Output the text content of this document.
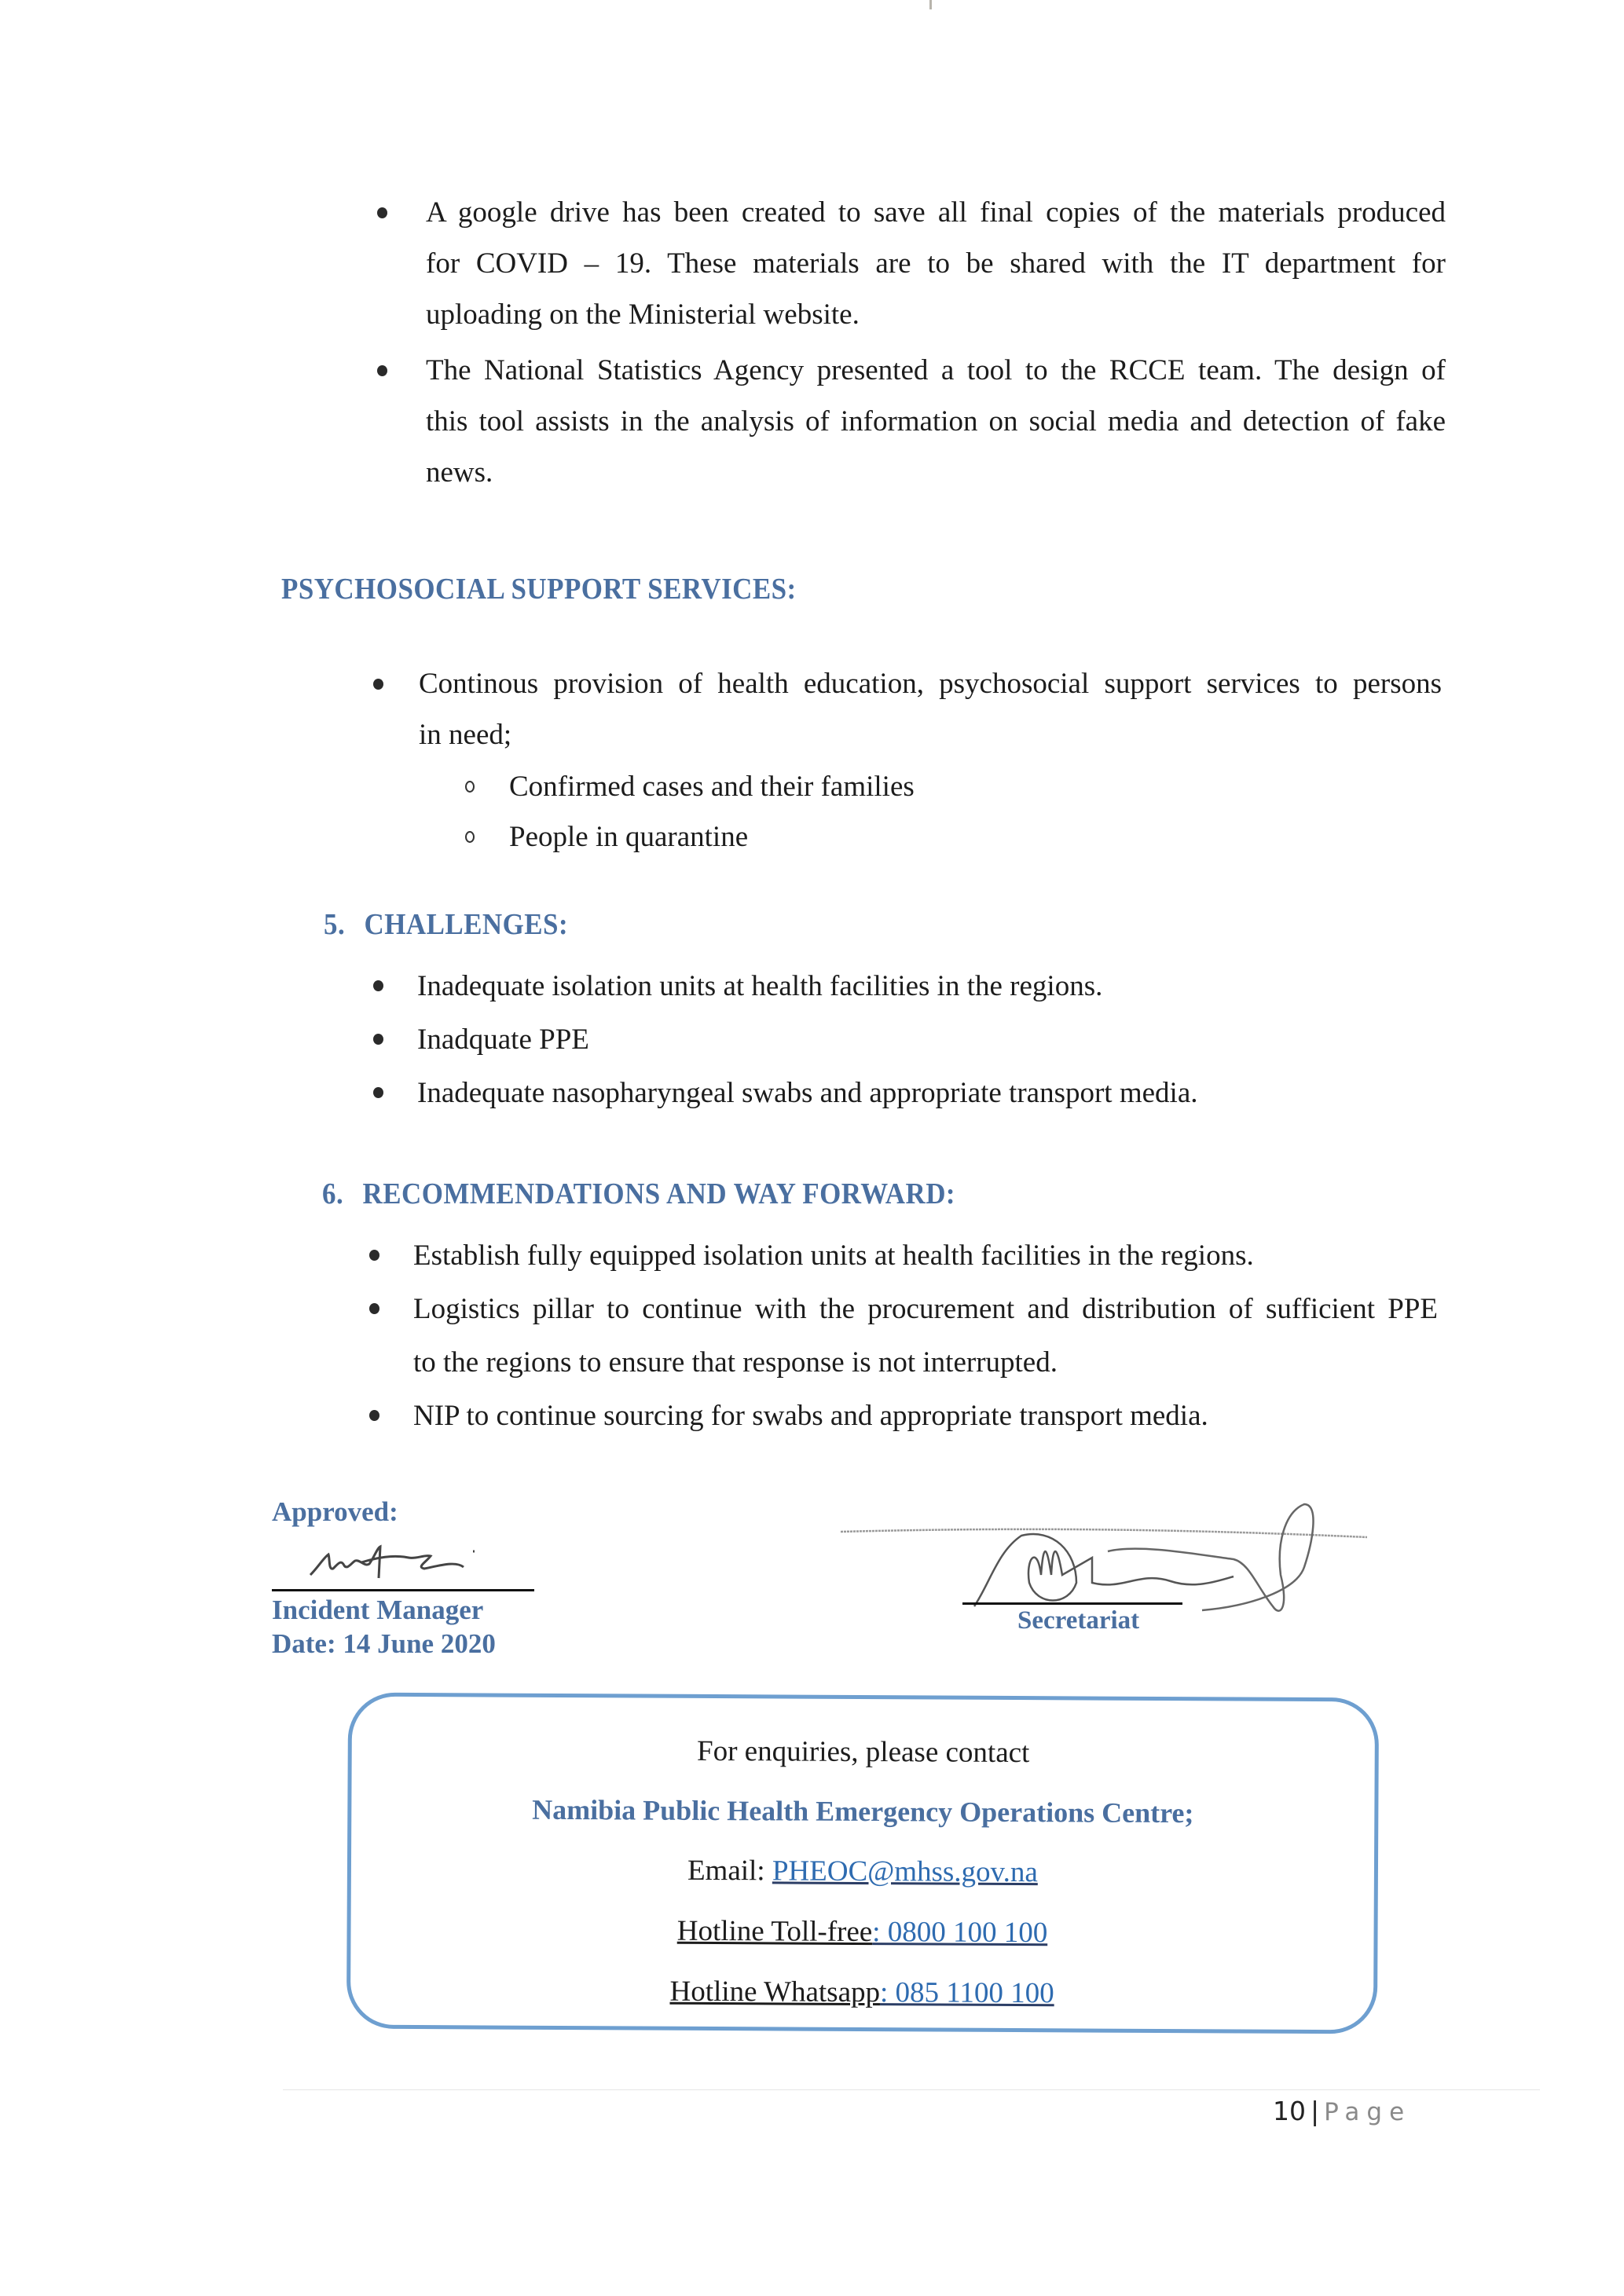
A google drive has been created to save all final copies of the materials produced
for COVID – 19. These materials are to be shared with the IT department for
uploading on the Ministerial website.
The National Statistics Agency presented a tool to the RCCE team. The design of
this tool assists in the analysis of information on social media and detection of fake
news.
PSYCHOSOCIAL SUPPORT SERVICES:
Continous provision of health education, psychosocial support services to persons
in need;
Confirmed cases and their families
People in quarantine
5. CHALLENGES:
Inadequate isolation units at health facilities in the regions.
Inadquate PPE
Inadequate nasopharyngeal swabs and appropriate transport media.
6. RECOMMENDATIONS AND WAY FORWARD:
Establish fully equipped isolation units at health facilities in the regions.
Logistics pillar to continue with the procurement and distribution of sufficient PPE
to the regions to ensure that response is not interrupted.
NIP to continue sourcing for swabs and appropriate transport media.
Approved:
Incident Manager
Date: 14 June 2020
Secretariat
For enquiries, please contact
Namibia Public Health Emergency Operations Centre;
Email: PHEOC@mhss.gov.na
Hotline Toll-free: 0800 100 100
Hotline Whatsapp: 085 1100 100
10 | Page
